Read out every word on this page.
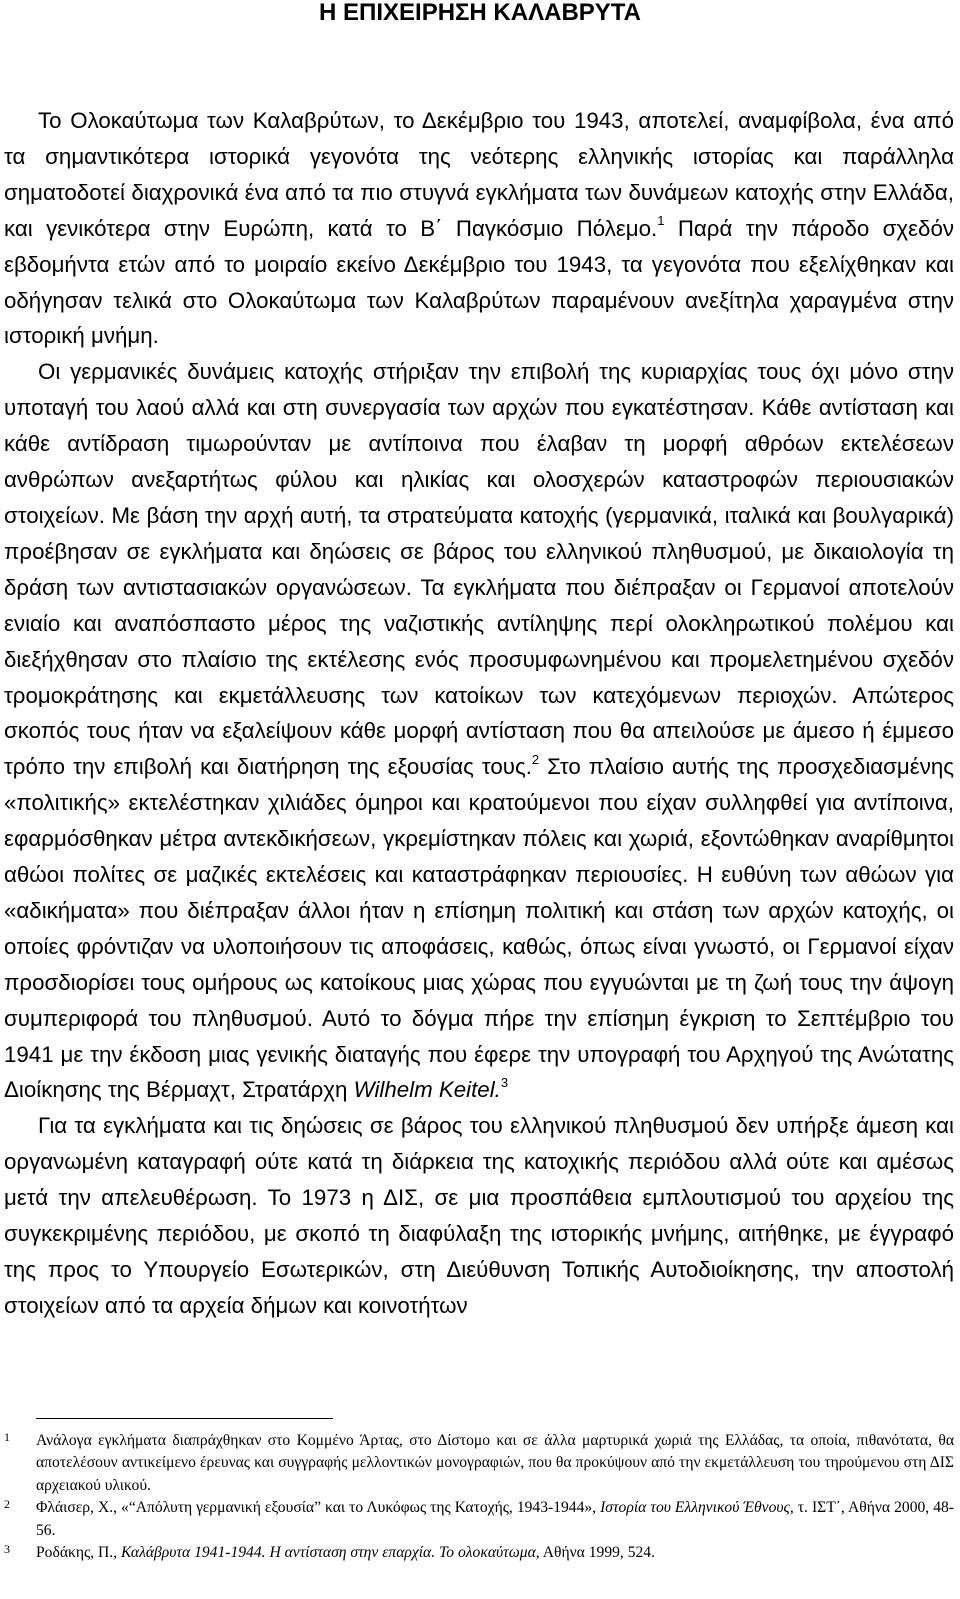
Η ΕΠΙΧΕΙΡΗΣΗ ΚΑΛΑΒΡΥΤΑ

Το Ολοκαύτωμα των Καλαβρύτων, το Δεκέμβριο του 1943, αποτελεί, αναμφίβολα, ένα από τα σημαντικότερα ιστορικά γεγονότα της νεότερης ελληνικής ιστορίας και παράλληλα σηματοδοτεί διαχρονικά ένα από τα πιο στυγνά εγκλήματα των δυνάμεων κατοχής στην Ελλάδα, και γενικότερα στην Ευρώπη, κατά το Β΄ Παγκόσμιο Πόλεμο.$^1$ Παρά την πάροδο σχεδόν εβδομήντα ετών από το μοιραίο εκείνο Δεκέμβριο του 1943, τα γεγονότα που εξελίχθηκαν και οδήγησαν τελικά στο Ολοκαύτωμα των Καλαβρύτων παραμένουν ανεξίτηλα χαραγμένα στην ιστορική μνήμη.

Οι γερμανικές δυνάμεις κατοχής στήριξαν την επιβολή της κυριαρχίας τους όχι μόνο στην υποταγή του λαού αλλά και στη συνεργασία των αρχών που εγκατέστησαν. Κάθε αντίσταση και κάθε αντίδραση τιμωρούνταν με αντίποινα που έλαβαν τη μορφή αθρόων εκτελέσεων ανθρώπων ανεξαρτήτως φύλου και ηλικίας και ολοσχερών καταστροφών περιουσιακών στοιχείων. Με βάση την αρχή αυτή, τα στρατεύματα κατοχής (γερμανικά, ιταλικά και βουλγαρικά) προέβησαν σε εγκλήματα και δηώσεις σε βάρος του ελληνικού πληθυσμού, με δικαιολογία τη δράση των αντιστασιακών οργανώσεων. Τα εγκλήματα που διέπραξαν οι Γερμανοί αποτελούν ενιαίο και αναπόσπαστο μέρος της ναζιστικής αντίληψης περί ολοκληρωτικού πολέμου και διεξήχθησαν στο πλαίσιο της εκτέλεσης ενός προσυμφωνημένου και προμελετημένου σχεδόν τρομοκράτησης και εκμετάλλευσης των κατοίκων των κατεχόμενων περιοχών. Απώτερος σκοπός τους ήταν να εξαλείψουν κάθε μορφή αντίσταση που θα απειλούσε με άμεσο ή έμμεσο τρόπο την επιβολή και διατήρηση της εξουσίας τους.$^2$ Στο πλαίσιο αυτής της προσχεδιασμένης «πολιτικής» εκτελέστηκαν χιλιάδες όμηροι και κρατούμενοι που είχαν συλληφθεί για αντίποινα, εφαρμόσθηκαν μέτρα αντεκδικήσεων, γκρεμίστηκαν πόλεις και χωριά, εξοντώθηκαν αναρίθμητοι αθώοι πολίτες σε μαζικές εκτελέσεις και καταστράφηκαν περιουσίες. Η ευθύνη των αθώων για «αδικήματα» που διέπραξαν άλλοι ήταν η επίσημη πολιτική και στάση των αρχών κατοχής, οι οποίες φρόντιζαν να υλοποιήσουν τις αποφάσεις, καθώς, όπως είναι γνωστό, οι Γερμανοί είχαν προσδιορίσει τους ομήρους ως κατοίκους μιας χώρας που εγγυώνται με τη ζωή τους την άψογη συμπεριφορά του πληθυσμού. Αυτό το δόγμα πήρε την επίσημη έγκριση το Σεπτέμβριο του 1941 με την έκδοση μιας γενικής διαταγής που έφερε την υπογραφή του Αρχηγού της Ανώτατης Διοίκησης της Βέρμαχτ, Στρατάρχη Wilhelm Keitel.$^3$

Για τα εγκλήματα και τις δηώσεις σε βάρος του ελληνικού πληθυσμού δεν υπήρξε άμεση και οργανωμένη καταγραφή ούτε κατά τη διάρκεια της κατοχικής περιόδου αλλά ούτε και αμέσως μετά την απελευθέρωση. Το 1973 η ΔΙΣ, σε μια προσπάθεια εμπλουτισμού του αρχείου της συγκεκριμένης περιόδου, με σκοπό τη διαφύλαξη της ιστορικής μνήμης, αιτήθηκε, με έγγραφό της προς το Υπουργείο Εσωτερικών, στη Διεύθυνση Τοπικής Αυτοδιοίκησης, την αποστολή στοιχείων από τα αρχεία δήμων και κοινοτήτων

1 Ανάλογα εγκλήματα διαπράχθηκαν στο Κομμένο Άρτας, στο Δίστομο και σε άλλα μαρτυρικά χωριά της Ελλάδας, τα οποία, πιθανότατα, θα αποτελέσουν αντικείμενο έρευνας και συγγραφής μελλοντικών μονογραφιών, που θα προκύψουν από την εκμετάλλευση του τηρούμενου στη ΔΙΣ αρχειακού υλικού.

2 Φλάισερ, Χ., «“Απόλυτη γερμανική εξουσία” και το Λυκόφως της Κατοχής, 1943-1944», Ιστορία του Ελληνικού Έθνους, τ. ΙΣΤ΄, Αθήνα 2000, 48-56.

3 Ροδάκης, Π., Καλάβρυτα 1941-1944. Η αντίσταση στην επαρχία. Το ολοκαύτωμα, Αθήνα 1999, 524.
